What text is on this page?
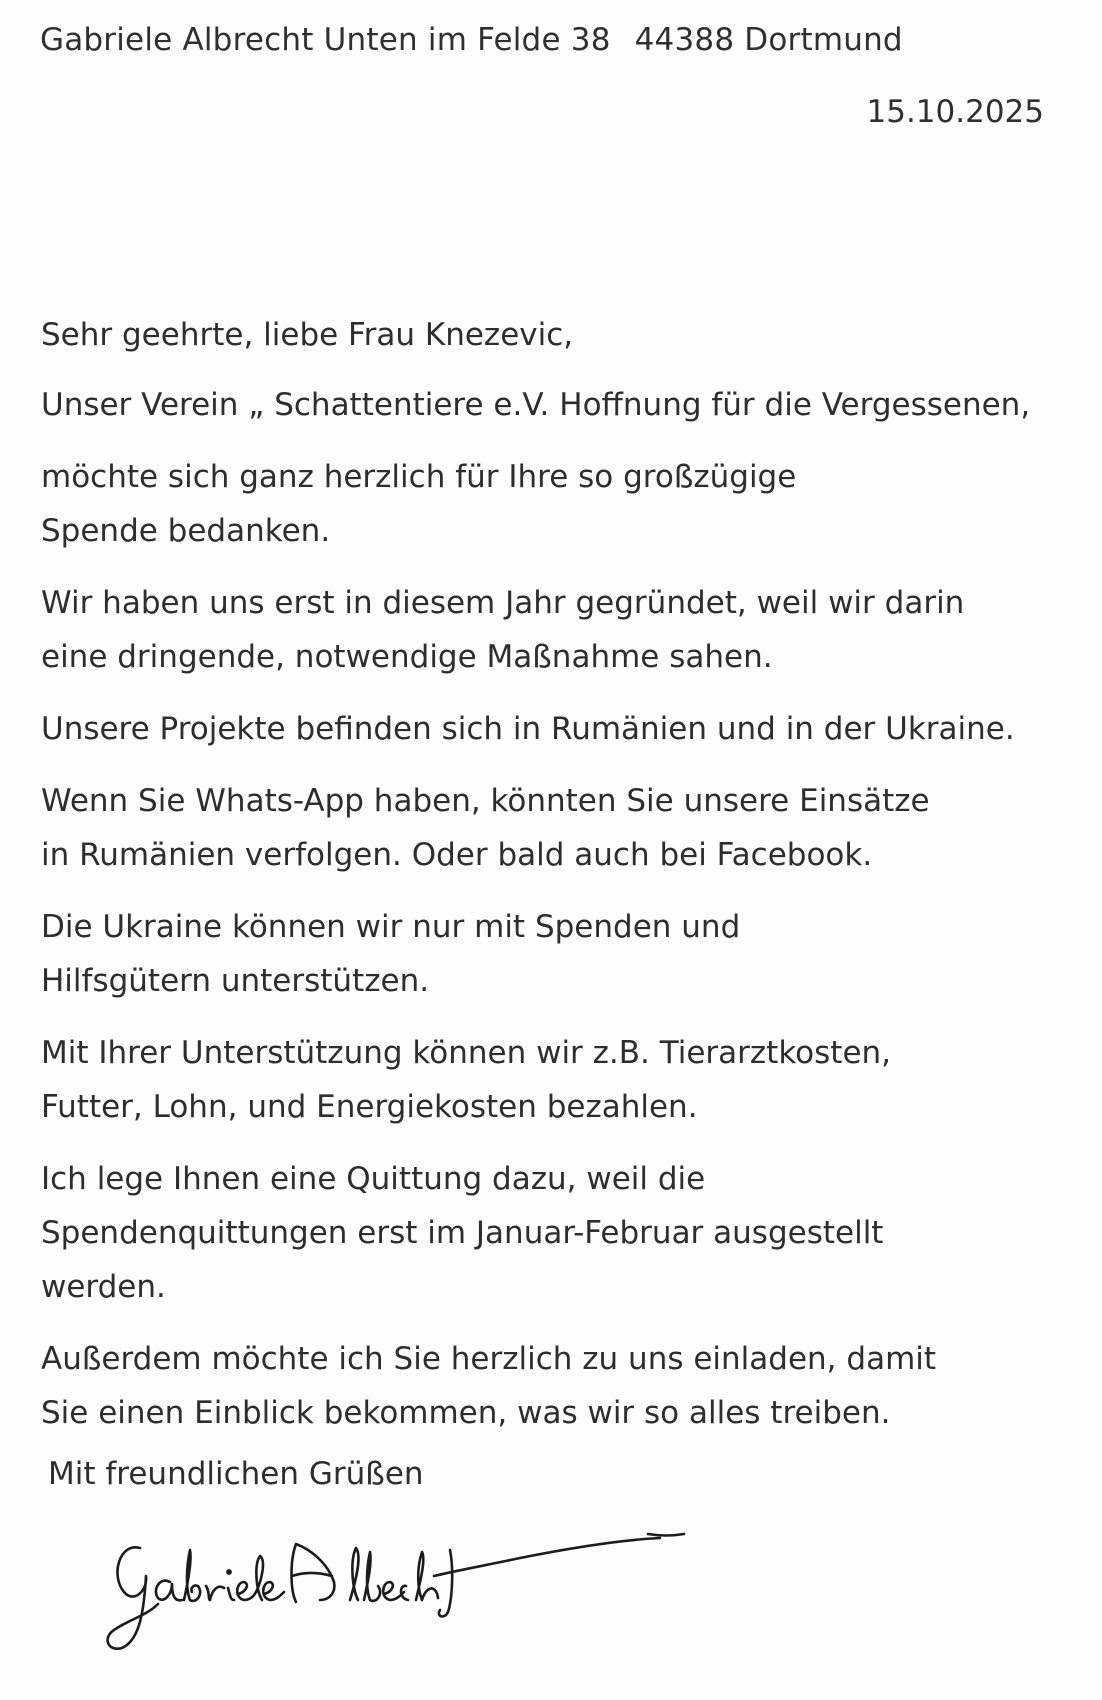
Gabriele Albrecht Unten im Felde 38 44388 Dortmund
15.10.2025

Sehr geehrte, liebe Frau Knezevic,

Unser Verein „ Schattentiere e.V. Hoffnung für die Vergessenen,

möchte sich ganz herzlich für Ihre so großzügige Spende bedanken.

Wir haben uns erst in diesem Jahr gegründet, weil wir darin eine dringende, notwendige Maßnahme sahen.

Unsere Projekte befinden sich in Rumänien und in der Ukraine.

Wenn Sie Whats-App haben, könnten Sie unsere Einsätze in Rumänien verfolgen. Oder bald auch bei Facebook.

Die Ukraine können wir nur mit Spenden und Hilfsgütern unterstützen.

Mit Ihrer Unterstützung können wir z.B. Tierarztkosten, Futter, Lohn, und Energiekosten bezahlen.

Ich lege Ihnen eine Quittung dazu, weil die Spendenquittungen erst im Januar-Februar ausgestellt werden.

Außerdem möchte ich Sie herzlich zu uns einladen, damit Sie einen Einblick bekommen, was wir so alles treiben.

Mit freundlichen Grüßen
Gabriele Albrecht
